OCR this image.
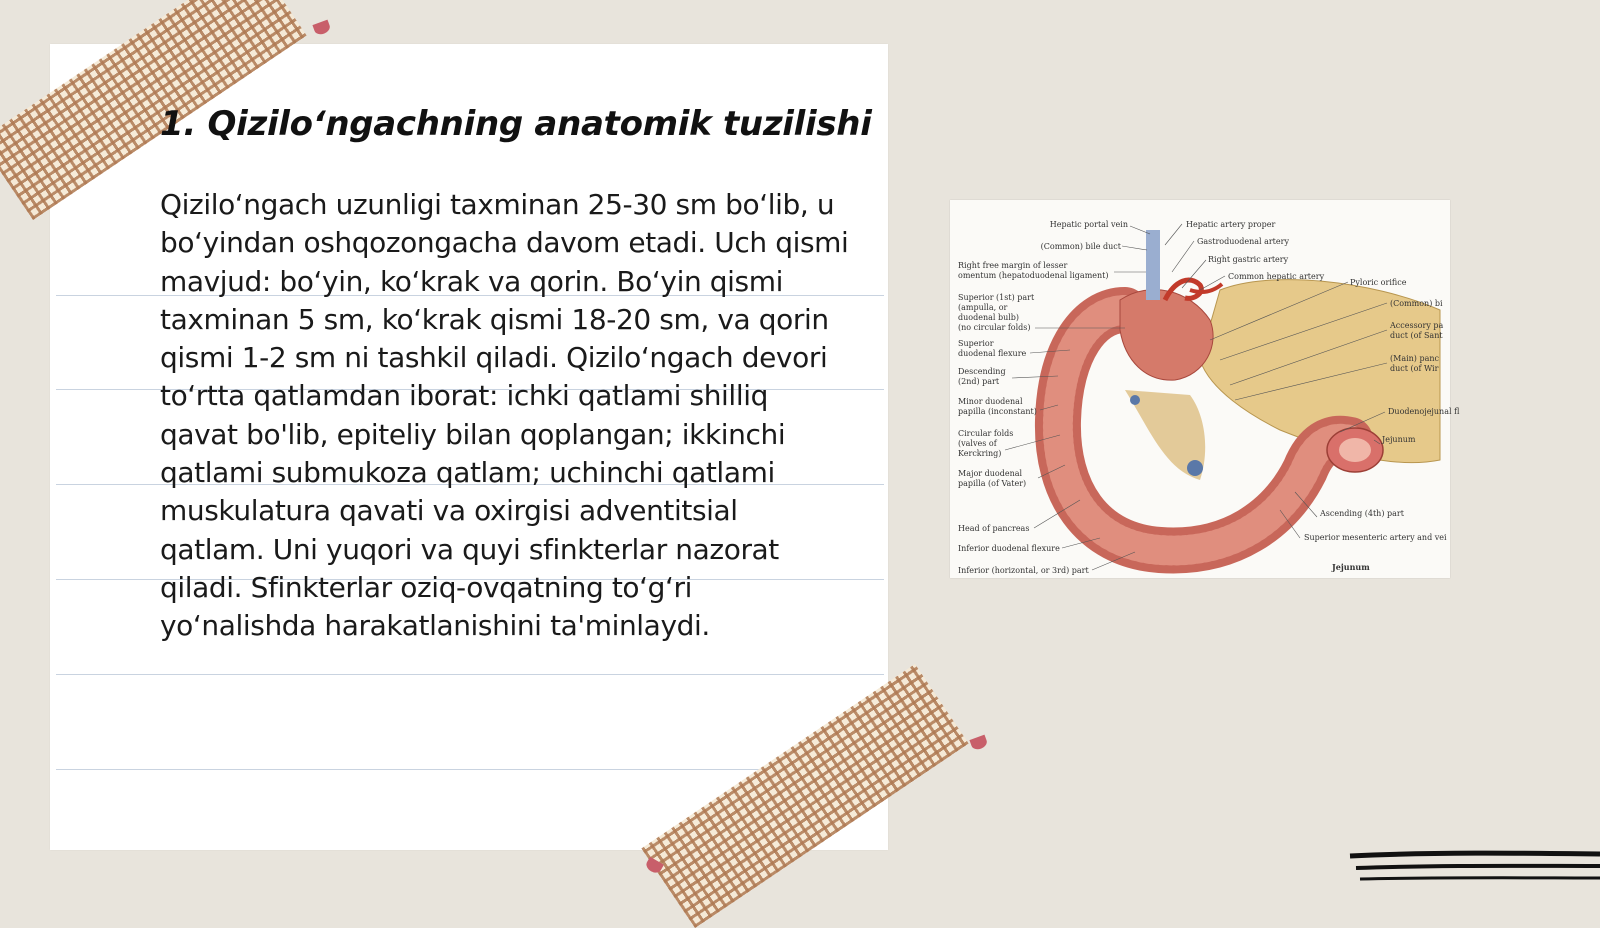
1. Qizilo‘ngachning anatomik tuzilishi

Qizilo‘ngach uzunligi taxminan 25-30 sm bo‘lib, u bo‘yindan oshqozongacha davom etadi. Uch qismi mavjud: bo‘yin, ko‘krak va qorin. Bo‘yin qismi taxminan 5 sm, ko‘krak qismi 18-20 sm, va qorin qismi 1-2 sm ni tashkil qiladi. Qizilo‘ngach devori to‘rtta qatlamdan iborat: ichki qatlami shilliq qavat bo'lib, epiteliy bilan qoplangan; ikkinchi qatlami submukoza qatlam; uchinchi qatlami muskulatura qavati va oxirgisi adventitsial qatlam. Uni yuqori va quyi sfinkterlar nazorat qiladi. Sfinkterlar oziq-ovqatning to‘g‘ri yo‘nalishda harakatlanishini ta'minlaydi.

Hepatic portal vein	Hepatic artery proper
(Common) bile duct
Gastroduodenal artery
Right gastric artery
Right free margin of lesser
omentum (hepatoduodenal ligament)	Common hepatic artery
Pyloric orifice
Superior (1st) part
(ampulla, or
duodenal bulb)
(no circular folds)
(Common) bi
Accessory pa
duct (of Sant
Superior
duodenal flexure
(Main) panc
duct (of Wir
Descending
(2nd) part
Minor duodenal
papilla (inconstant)	Duodenojejunal fl
Circular folds
(valves of
Kerckring)
Jejunum
Major duodenal
papilla (of Vater)
Ascending (4th) part
Head of pancreas
Superior mesenteric artery and vei
Inferior duodenal flexure
Inferior (horizontal, or 3rd) part	Jejunum
